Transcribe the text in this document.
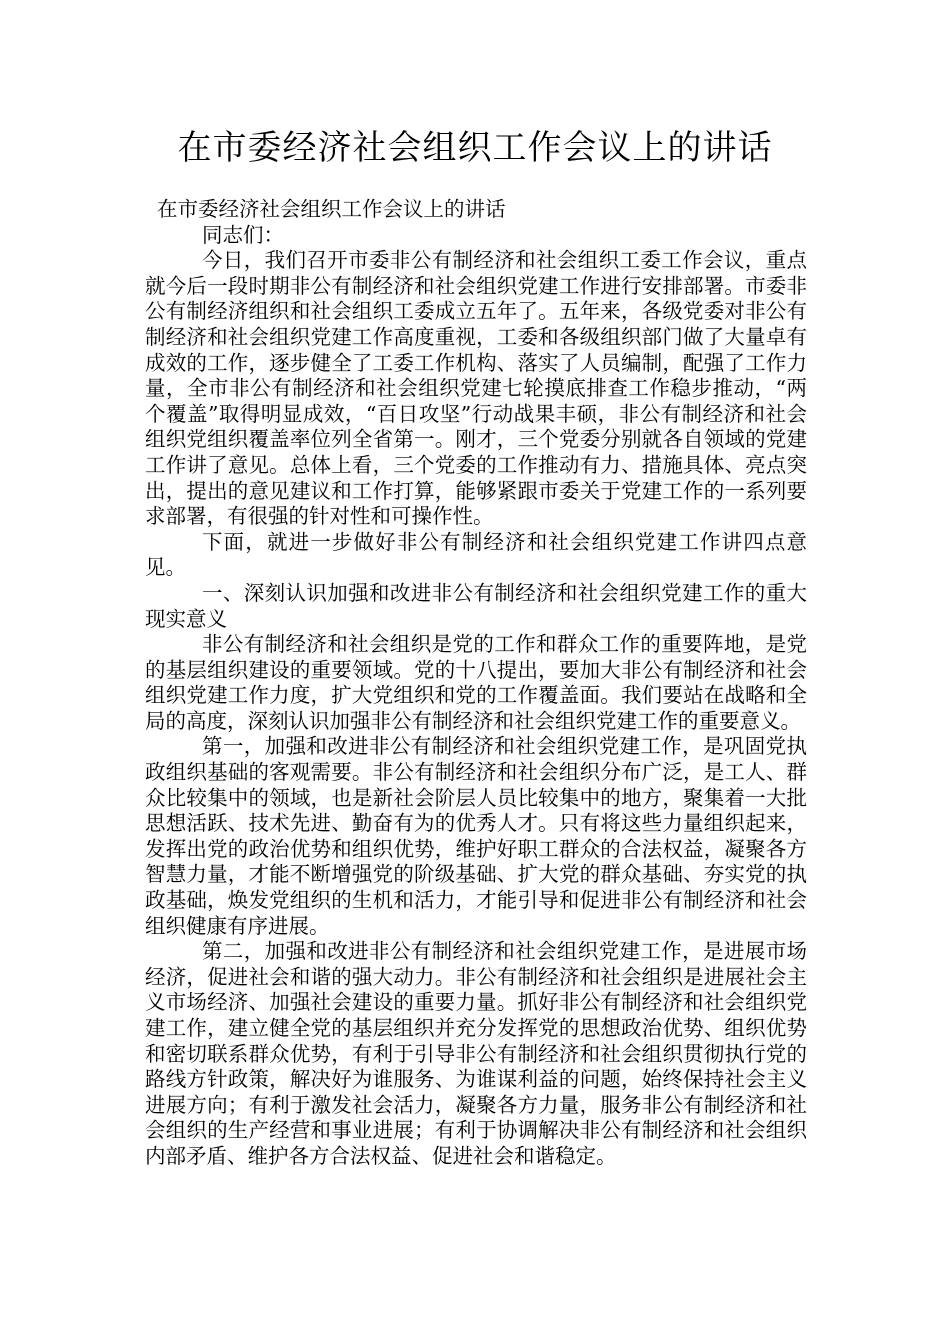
在市委经济社会组织工作会议上的讲话

在市委经济社会组织工作会议上的讲话

同志们：

今日，我们召开市委非公有制经济和社会组织工委工作会议，重点就今后一段时期非公有制经济和社会组织党建工作进行安排部署。市委非公有制经济组织和社会组织工委成立五年了。五年来，各级党委对非公有制经济和社会组织党建工作高度重视，工委和各级组织部门做了大量卓有成效的工作，逐步健全了工委工作机构、落实了人员编制，配强了工作力量，全市非公有制经济和社会组织党建七轮摸底排查工作稳步推动，“两个覆盖”取得明显成效，“百日攻坚”行动战果丰硕，非公有制经济和社会组织党组织覆盖率位列全省第一。刚才，三个党委分别就各自领域的党建工作讲了意见。总体上看，三个党委的工作推动有力、措施具体、亮点突出，提出的意见建议和工作打算，能够紧跟市委关于党建工作的一系列要求部署，有很强的针对性和可操作性。

下面，就进一步做好非公有制经济和社会组织党建工作讲四点意见。

一、深刻认识加强和改进非公有制经济和社会组织党建工作的重大现实意义

非公有制经济和社会组织是党的工作和群众工作的重要阵地，是党的基层组织建设的重要领域。党的十八提出，要加大非公有制经济和社会组织党建工作力度，扩大党组织和党的工作覆盖面。我们要站在战略和全局的高度，深刻认识加强非公有制经济和社会组织党建工作的重要意义。

第一，加强和改进非公有制经济和社会组织党建工作，是巩固党执政组织基础的客观需要。非公有制经济和社会组织分布广泛，是工人、群众比较集中的领域，也是新社会阶层人员比较集中的地方，聚集着一大批思想活跃、技术先进、勤奋有为的优秀人才。只有将这些力量组织起来，发挥出党的政治优势和组织优势，维护好职工群众的合法权益，凝聚各方智慧力量，才能不断增强党的阶级基础、扩大党的群众基础、夯实党的执政基础，焕发党组织的生机和活力，才能引导和促进非公有制经济和社会组织健康有序进展。

第二，加强和改进非公有制经济和社会组织党建工作，是进展市场经济，促进社会和谐的强大动力。非公有制经济和社会组织是进展社会主义市场经济、加强社会建设的重要力量。抓好非公有制经济和社会组织党建工作，建立健全党的基层组织并充分发挥党的思想政治优势、组织优势和密切联系群众优势，有利于引导非公有制经济和社会组织贯彻执行党的路线方针政策，解决好为谁服务、为谁谋利益的问题，始终保持社会主义进展方向；有利于激发社会活力，凝聚各方力量，服务非公有制经济和社会组织的生产经营和事业进展；有利于协调解决非公有制经济和社会组织内部矛盾、维护各方合法权益、促进社会和谐稳定。
